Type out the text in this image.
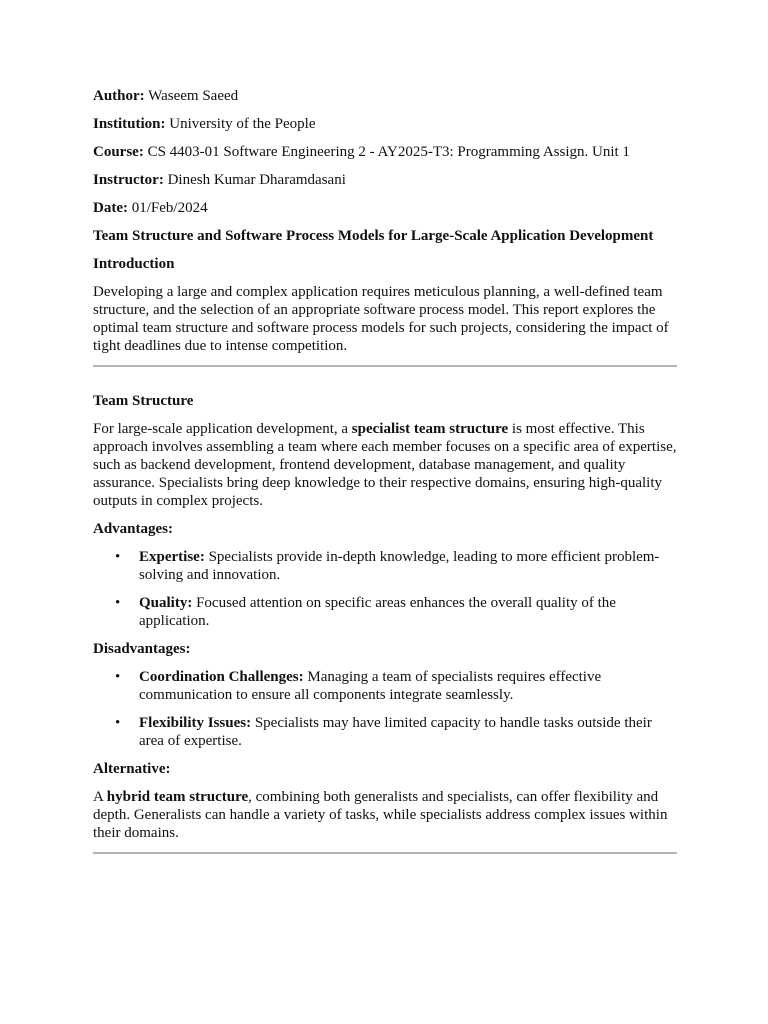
Author: Waseem Saeed

Institution: University of the People

Course: CS 4403-01 Software Engineering 2 - AY2025-T3: Programming Assign. Unit 1

Instructor: Dinesh Kumar Dharamdasani

Date: 01/Feb/2024

Team Structure and Software Process Models for Large-Scale Application Development

Introduction

Developing a large and complex application requires meticulous planning, a well-defined team structure, and the selection of an appropriate software process model. This report explores the optimal team structure and software process models for such projects, considering the impact of tight deadlines due to intense competition.

Team Structure

For large-scale application development, a specialist team structure is most effective. This approach involves assembling a team where each member focuses on a specific area of expertise, such as backend development, frontend development, database management, and quality assurance. Specialists bring deep knowledge to their respective domains, ensuring high-quality outputs in complex projects.

Advantages:

• Expertise: Specialists provide in-depth knowledge, leading to more efficient problem-solving and innovation.
• Quality: Focused attention on specific areas enhances the overall quality of the application.

Disadvantages:

• Coordination Challenges: Managing a team of specialists requires effective communication to ensure all components integrate seamlessly.
• Flexibility Issues: Specialists may have limited capacity to handle tasks outside their area of expertise.

Alternative:

A hybrid team structure, combining both generalists and specialists, can offer flexibility and depth. Generalists can handle a variety of tasks, while specialists address complex issues within their domains.
